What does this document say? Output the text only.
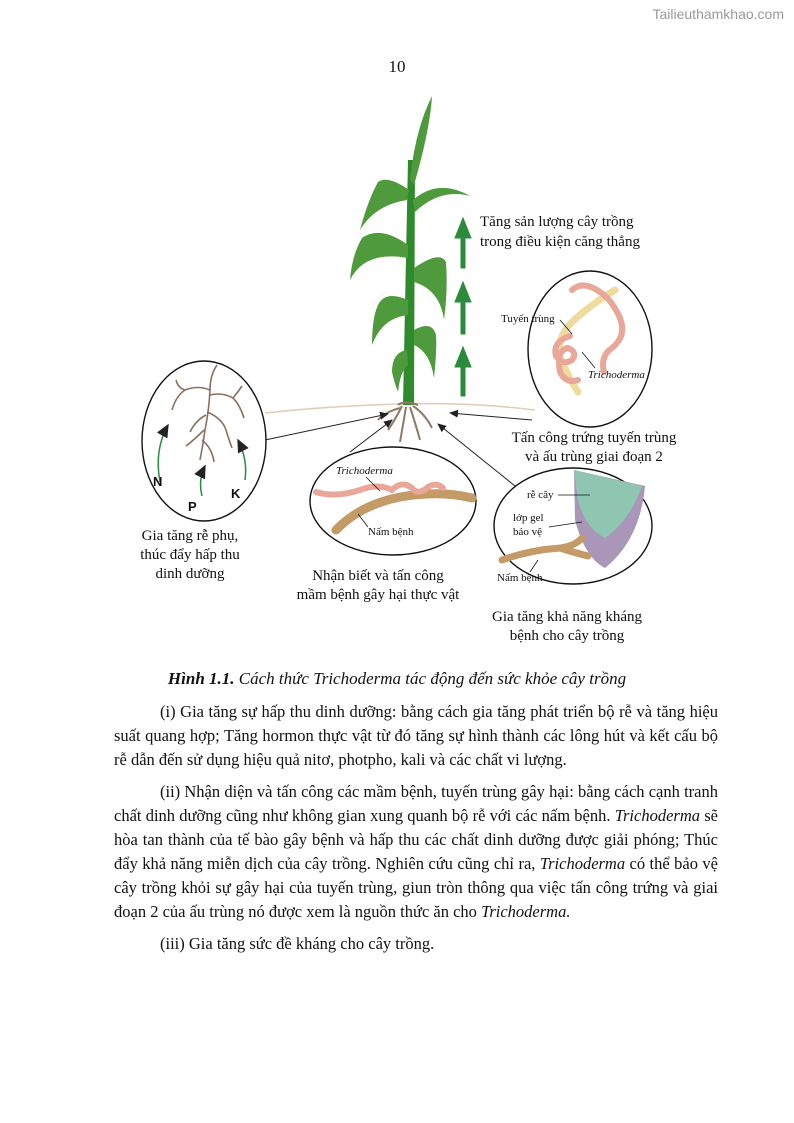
Tailieuthamkhao.com
10
Tăng sản lượng cây trồng
trong điều kiện căng thẳng
N
P
K
Gia tăng rễ phụ,
thúc đẩy hấp thu
dinh dưỡng
Trichoderma
Nấm bệnh
Nhận biết và tấn công
mầm bệnh gây hại thực vật
Tuyến trùng
Trichoderma
Tấn công trứng tuyến trùng
và ấu trùng giai đoạn 2
rễ cây
lớp gel
bảo vệ
Nấm bệnh
Gia tăng khả năng kháng
bệnh cho cây trồng
Hình 1.1. Cách thức Trichoderma tác động đến sức khỏe cây trồng

(i) Gia tăng sự hấp thu dinh dưỡng: bằng cách gia tăng phát triển bộ rễ và tăng hiệu suất quang hợp; Tăng hormon thực vật từ đó tăng sự hình thành các lông hút và kết cấu bộ rễ dẫn đến sử dụng hiệu quả nitơ, photpho, kali và các chất vi lượng.

(ii) Nhận diện và tấn công các mầm bệnh, tuyến trùng gây hại: bằng cách cạnh tranh chất dinh dưỡng cũng như không gian xung quanh bộ rễ với các nấm bệnh. Trichoderma sẽ hòa tan thành của tế bào gây bệnh và hấp thu các chất dinh dưỡng được giải phóng; Thúc đẩy khả năng miễn dịch của cây trồng. Nghiên cứu cũng chỉ ra, Trichoderma có thể bảo vệ cây trồng khỏi sự gây hại của tuyến trùng, giun tròn thông qua việc tấn công trứng và giai đoạn 2 của ấu trùng nó được xem là nguồn thức ăn cho Trichoderma.

(iii) Gia tăng sức đề kháng cho cây trồng.
